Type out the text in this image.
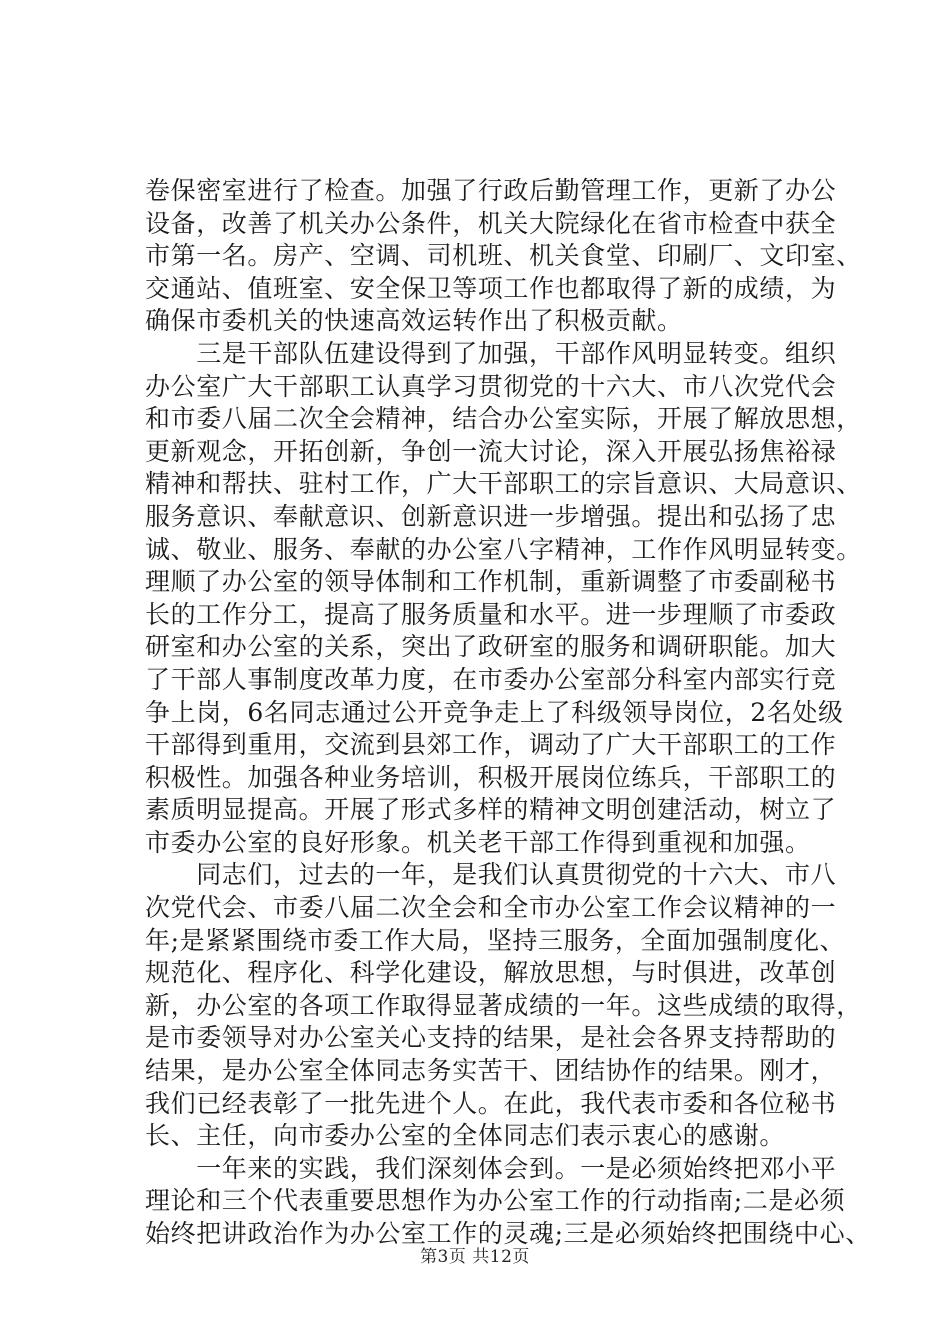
卷保密室进行了检查。加强了行政后勤管理工作，更新了办公
设备，改善了机关办公条件，机关大院绿化在省市检查中获全
市第一名。房产、空调、司机班、机关食堂、印刷厂、文印室、
交通站、值班室、安全保卫等项工作也都取得了新的成绩，为
确保市委机关的快速高效运转作出了积极贡献。
　　三是干部队伍建设得到了加强，干部作风明显转变。组织
办公室广大干部职工认真学习贯彻党的十六大、市八次党代会
和市委八届二次全会精神，结合办公室实际，开展了解放思想，
更新观念，开拓创新，争创一流大讨论，深入开展弘扬焦裕禄
精神和帮扶、驻村工作，广大干部职工的宗旨意识、大局意识、
服务意识、奉献意识、创新意识进一步增强。提出和弘扬了忠
诚、敬业、服务、奉献的办公室八字精神，工作作风明显转变。
理顺了办公室的领导体制和工作机制，重新调整了市委副秘书
长的工作分工，提高了服务质量和水平。进一步理顺了市委政
研室和办公室的关系，突出了政研室的服务和调研职能。加大
了干部人事制度改革力度，在市委办公室部分科室内部实行竞
争上岗，6名同志通过公开竞争走上了科级领导岗位，2名处级
干部得到重用，交流到县郊工作，调动了广大干部职工的工作
积极性。加强各种业务培训，积极开展岗位练兵，干部职工的
素质明显提高。开展了形式多样的精神文明创建活动，树立了
市委办公室的良好形象。机关老干部工作得到重视和加强。
　　同志们，过去的一年，是我们认真贯彻党的十六大、市八
次党代会、市委八届二次全会和全市办公室工作会议精神的一
年;是紧紧围绕市委工作大局，坚持三服务，全面加强制度化、
规范化、程序化、科学化建设，解放思想，与时俱进，改革创
新，办公室的各项工作取得显著成绩的一年。这些成绩的取得，
是市委领导对办公室关心支持的结果，是社会各界支持帮助的
结果，是办公室全体同志务实苦干、团结协作的结果。刚才，
我们已经表彰了一批先进个人。在此，我代表市委和各位秘书
长、主任，向市委办公室的全体同志们表示衷心的感谢。
　　一年来的实践，我们深刻体会到。一是必须始终把邓小平
理论和三个代表重要思想作为办公室工作的行动指南;二是必须
始终把讲政治作为办公室工作的灵魂;三是必须始终把围绕中心、
第3页 共12页
